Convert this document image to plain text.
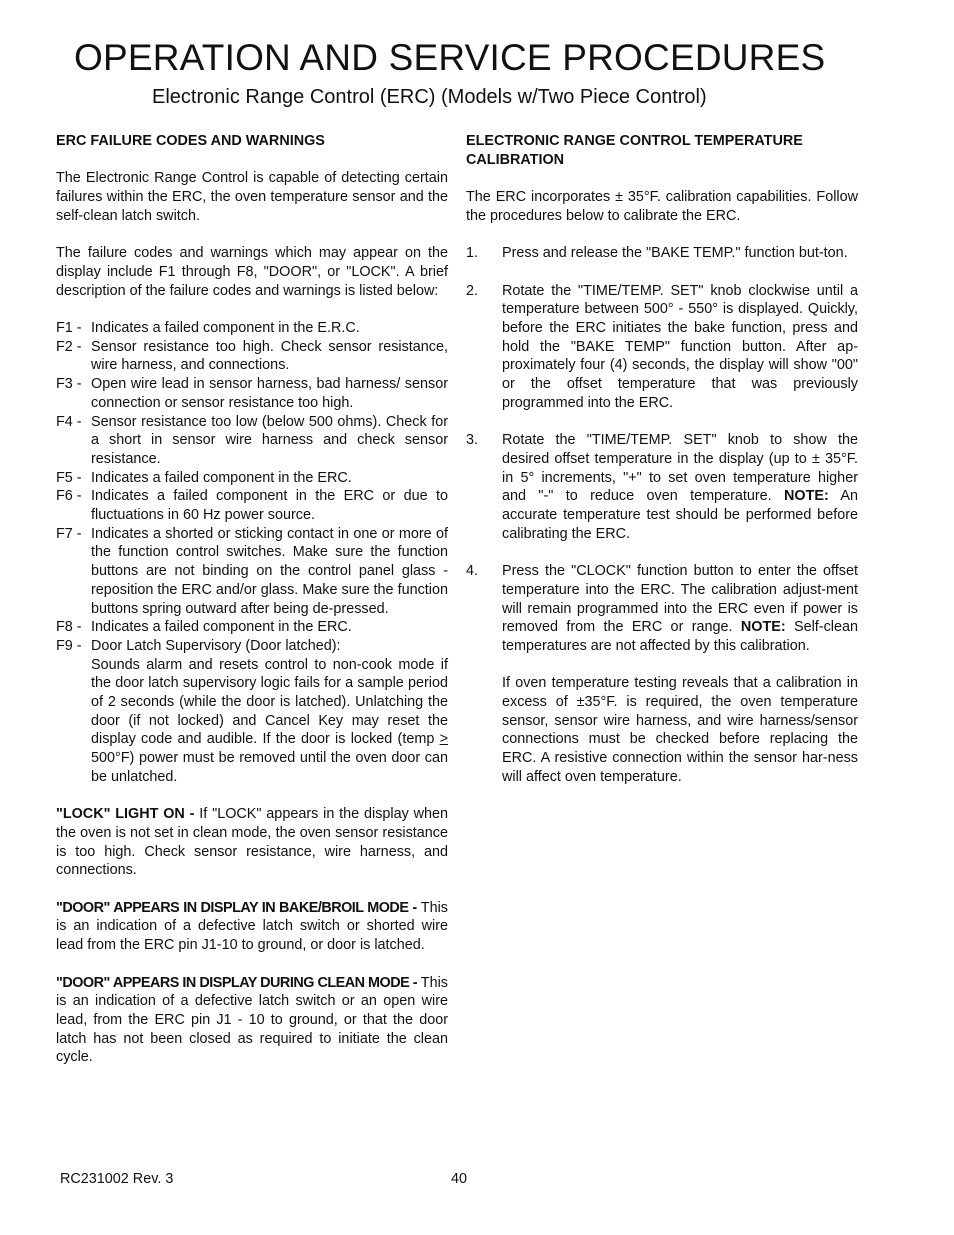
OPERATION AND SERVICE PROCEDURES
Electronic Range Control (ERC) (Models w/Two Piece Control)

ERC FAILURE CODES AND WARNINGS

The Electronic Range Control is capable of detecting certain failures within the ERC, the oven temperature sensor and the self-clean latch switch.

The failure codes and warnings which may appear on the display include F1 through F8, "DOOR", or "LOCK". A brief description of the failure codes and warnings is listed below:

F1 - Indicates a failed component in the E.R.C.
F2 - Sensor resistance too high. Check sensor resistance, wire harness, and connections.
F3 - Open wire lead in sensor harness, bad harness/ sensor connection or sensor resistance too high.
F4 - Sensor resistance too low (below 500 ohms). Check for a short in sensor wire harness and check sensor resistance.
F5 - Indicates a failed component in the ERC.
F6 - Indicates a failed component in the ERC or due to fluctuations in 60 Hz power source.
F7 - Indicates a shorted or sticking contact in one or more of the function control switches. Make sure the function buttons are not binding on the control panel glass - reposition the ERC and/or glass. Make sure the function buttons spring outward after being de-pressed.
F8 - Indicates a failed component in the ERC.
F9 - Door Latch Supervisory (Door latched):

Sounds alarm and resets control to non-cook mode if the door latch supervisory logic fails for a sample period of 2 seconds (while the door is latched). Unlatching the door (if not locked) and Cancel Key may reset the display code and audible. If the door is locked (temp > 500°F) power must be removed until the oven door can be unlatched.

"LOCK" LIGHT ON - If "LOCK" appears in the display when the oven is not set in clean mode, the oven sensor resistance is too high. Check sensor resistance, wire harness, and connections.

"DOOR" APPEARS IN DISPLAY IN BAKE/BROIL MODE - This is an indication of a defective latch switch or shorted wire lead from the ERC pin J1-10 to ground, or door is latched.

"DOOR" APPEARS IN DISPLAY DURING CLEAN MODE - This is an indication of a defective latch switch or an open wire lead, from the ERC pin J1 - 10 to ground, or that the door latch has not been closed as required to initiate the clean cycle.

ELECTRONIC RANGE CONTROL TEMPERATURE CALIBRATION

The ERC incorporates ± 35°F. calibration capabilities. Follow the procedures below to calibrate the ERC.

1.	Press and release the "BAKE TEMP." function but-ton.
2.	Rotate the "TIME/TEMP. SET" knob clockwise until a temperature between 500° - 550° is displayed. Quickly, before the ERC initiates the bake function, press and hold the "BAKE TEMP" function button. After ap-proximately four (4) seconds, the display will show "00" or the offset temperature that was previously programmed into the ERC.
3.	Rotate the "TIME/TEMP. SET" knob to show the desired offset temperature in the display (up to ± 35°F. in 5° increments, "+" to set oven temperature higher and "-" to reduce oven temperature. NOTE: An accurate temperature test should be performed before calibrating the ERC.
4.	Press the "CLOCK" function button to enter the offset temperature into the ERC. The calibration adjust-ment will remain programmed into the ERC even if power is removed from the ERC or range. NOTE: Self-clean temperatures are not affected by this calibration.

If oven temperature testing reveals that a calibration in excess of ±35°F. is required, the oven temperature sensor, sensor wire harness, and wire harness/sensor connections must be checked before replacing the ERC. A resistive connection within the sensor har-ness will affect oven temperature.

RC231002 Rev. 3	40
